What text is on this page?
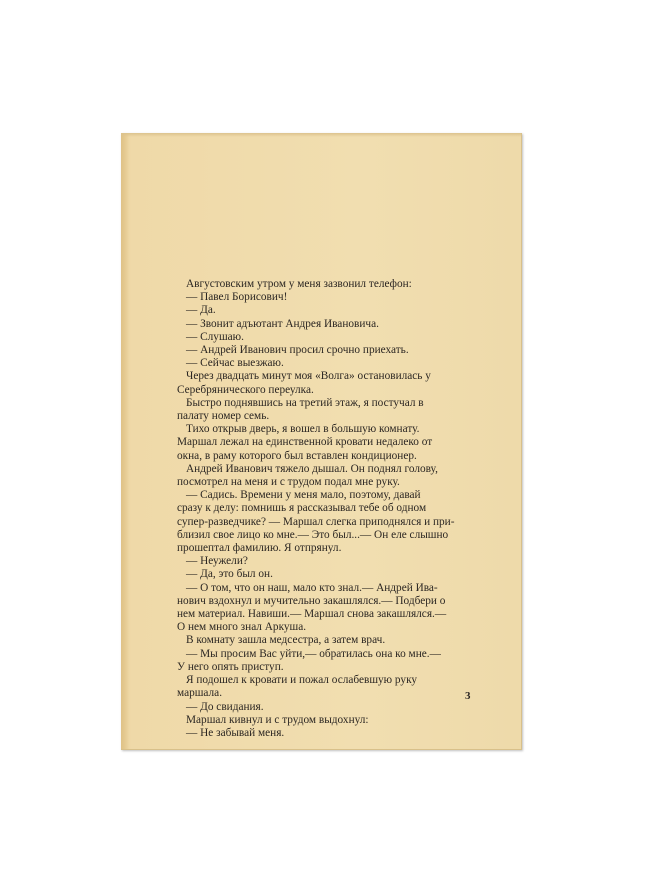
Августовским утром у меня зазвонил телефон:

— Павел Борисович!

— Да.

— Звонит адъютант Андрея Ивановича.

— Слушаю.

— Андрей Иванович просил срочно приехать.

— Сейчас выезжаю.

Через двадцать минут моя «Волга» остановилась у
Серебрянического переулка.

Быстро поднявшись на третий этаж, я постучал в
палату номер семь.

Тихо открыв дверь, я вошел в большую комнату.
Маршал лежал на единственной кровати недалеко от
окна, в раму которого был вставлен кондиционер.

Андрей Иванович тяжело дышал. Он поднял голову,
посмотрел на меня и с трудом подал мне руку.

— Садись. Времени у меня мало, поэтому, давай
сразу к делу: помнишь я рассказывал тебе об одном
супер-разведчике? — Маршал слегка приподнялся и при-
близил свое лицо ко мне.— Это был...— Он еле слышно
прошептал фамилию. Я отпрянул.

— Неужели?

— Да, это был он.

— О том, что он наш, мало кто знал.— Андрей Ива-
нович вздохнул и мучительно закашлялся.— Подбери о
нем материал. Навиши.— Маршал снова закашлялся.—
О нем много знал Аркуша.

В комнату зашла медсестра, а затем врач.

— Мы просим Вас уйти,— обратилась она ко мне.—
У него опять приступ.

Я подошел к кровати и пожал ослабевшую руку
маршала.

— До свидания.

Маршал кивнул и с трудом выдохнул:

— Не забывай меня.

3
